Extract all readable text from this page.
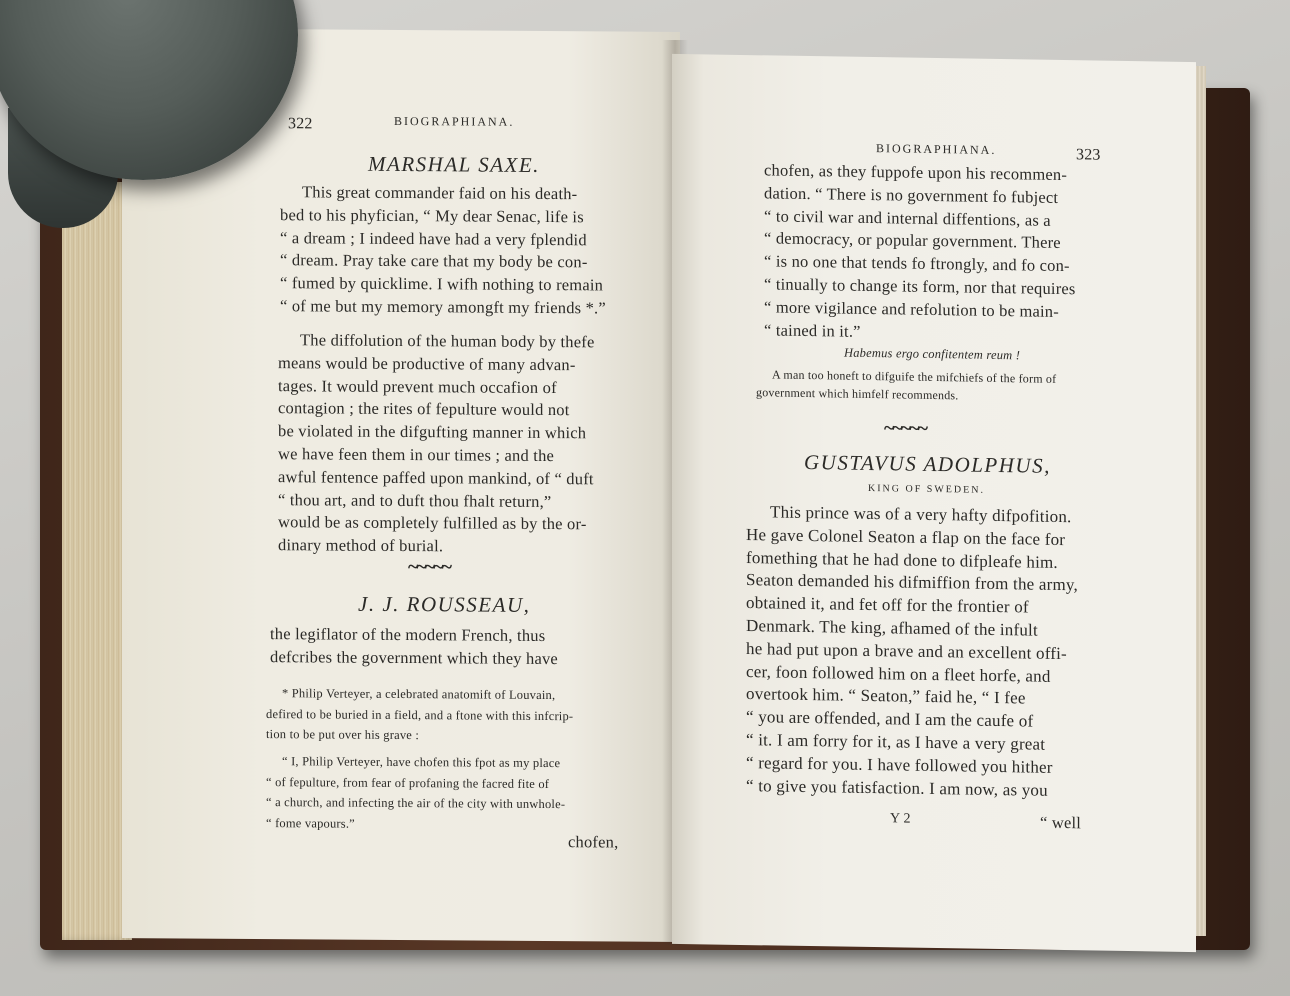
322	BIOGRAPHIANA.
MARSHAL SAXE.
This great commander faid on his death-
bed to his phyfician, “ My dear Senac, life is
“ a dream ; I indeed have had a very fplendid
“ dream. Pray take care that my body be con-
“ fumed by quicklime. I wifh nothing to remain
“ of me but my memory amongft my friends *.”
The diffolution of the human body by thefe
means would be productive of many advan-
tages. It would prevent much occafion of
contagion ; the rites of fepulture would not
be violated in the difgufting manner in which
we have feen them in our times ; and the
awful fentence paffed upon mankind, of “ duft
“ thou art, and to duft thou fhalt return,”
would be as completely fulfilled as by the or-
dinary method of burial.
~~~~~
J. J. ROUSSEAU,
the legiflator of the modern French, thus
defcribes the government which they have
* Philip Verteyer, a celebrated anatomift of Louvain,
defired to be buried in a field, and a ftone with this infcrip-
tion to be put over his grave :
“ I, Philip Verteyer, have chofen this fpot as my place
“ of fepulture, from fear of profaning the facred fite of
“ a church, and infecting the air of the city with unwhole-
“ fome vapours.”
chofen,
BIOGRAPHIANA.	323
chofen, as they fuppofe upon his recommen-
dation. “ There is no government fo fubject
“ to civil war and internal diffentions, as a
“ democracy, or popular government. There
“ is no one that tends fo ftrongly, and fo con-
“ tinually to change its form, nor that requires
“ more vigilance and refolution to be main-
“ tained in it.”
Habemus ergo confitentem reum !
A man too honeft to difguife the mifchiefs of the form of
government which himfelf recommends.
~~~~~
GUSTAVUS ADOLPHUS,
KING OF SWEDEN.
This prince was of a very hafty difpofition.
He gave Colonel Seaton a flap on the face for
fomething that he had done to difpleafe him.
Seaton demanded his difmiffion from the army,
obtained it, and fet off for the frontier of
Denmark. The king, afhamed of the infult
he had put upon a brave and an excellent offi-
cer, foon followed him on a fleet horfe, and
overtook him. “ Seaton,” faid he, “ I fee
“ you are offended, and I am the caufe of
“ it. I am forry for it, as I have a very great
“ regard for you. I have followed you hither
“ to give you fatisfaction. I am now, as you
Y 2	“ well
